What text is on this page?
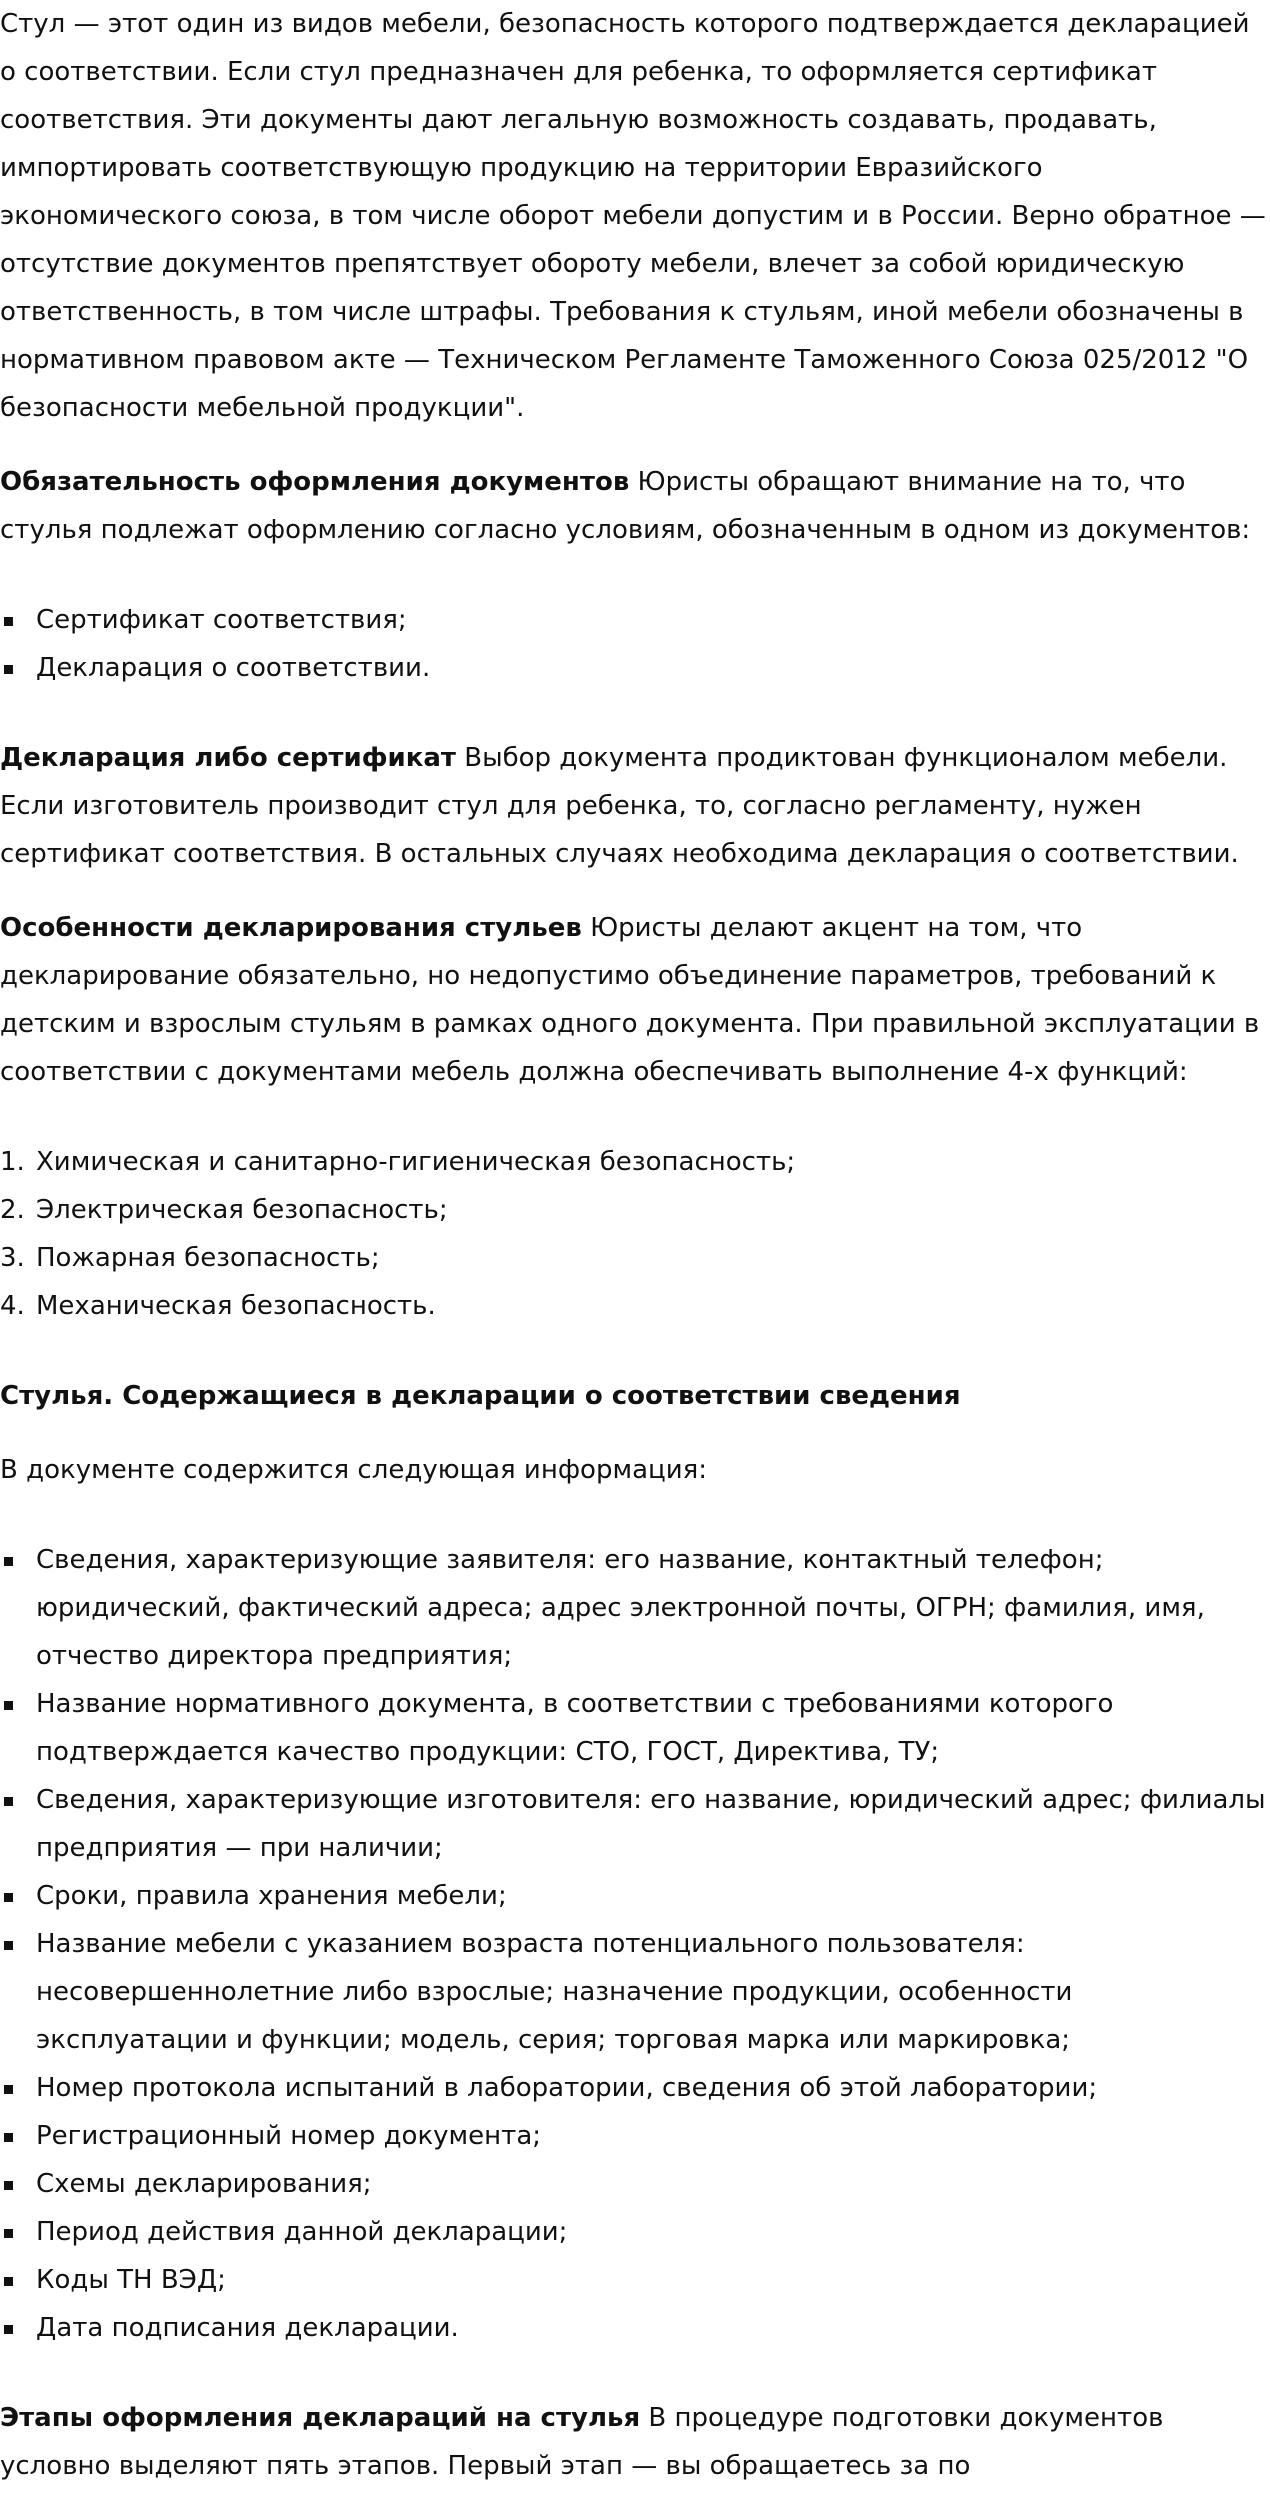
Стул — этот один из видов мебели, безопасность которого подтверждается декларацией о соответствии. Если стул предназначен для ребенка, то оформляется сертификат соответствия. Эти документы дают легальную возможность создавать, продавать, импортировать соответствующую продукцию на территории Евразийского экономического союза, в том числе оборот мебели допустим и в России. Верно обратное — отсутствие документов препятствует обороту мебели, влечет за собой юридическую ответственность, в том числе штрафы. Требования к стульям, иной мебели обозначены в нормативном правовом акте — Техническом Регламенте Таможенного Союза 025/2012 "О безопасности мебельной продукции".

Обязательность оформления документов Юристы обращают внимание на то, что стулья подлежат оформлению согласно условиям, обозначенным в одном из документов:

Сертификат соответствия;
Декларация о соответствии.

Декларация либо сертификат Выбор документа продиктован функционалом мебели. Если изготовитель производит стул для ребенка, то, согласно регламенту, нужен сертификат соответствия. В остальных случаях необходима декларация о соответствии.

Особенности декларирования стульев Юристы делают акцент на том, что декларирование обязательно, но недопустимо объединение параметров, требований к детским и взрослым стульям в рамках одного документа. При правильной эксплуатации в соответствии с документами мебель должна обеспечивать выполнение 4-х функций:

Химическая и санитарно-гигиеническая безопасность;
Электрическая безопасность;
Пожарная безопасность;
Механическая безопасность.
Стулья. Содержащиеся в декларации о соответствии сведения

В документе содержится следующая информация:

Сведения, характеризующие заявителя: его название, контактный телефон; юридический, фактический адреса; адрес электронной почты, ОГРН; фамилия, имя, отчество директора предприятия;
Название нормативного документа, в соответствии с требованиями которого подтверждается качество продукции: СТО, ГОСТ, Директива, ТУ;
Сведения, характеризующие изготовителя: его название, юридический адрес; филиалы предприятия — при наличии;
Сроки, правила хранения мебели;
Название мебели с указанием возраста потенциального пользователя: несовершеннолетние либо взрослые; назначение продукции, особенности эксплуатации и функции; модель, серия; торговая марка или маркировка;
Номер протокола испытаний в лаборатории, сведения об этой лаборатории;
Регистрационный номер документа;
Схемы декларирования;
Период действия данной декларации;
Коды ТН ВЭД;
Дата подписания декларации.

Этапы оформления деклараций на стулья В процедуре подготовки документов условно выделяют пять этапов. Первый этап — вы обращаетесь за по
